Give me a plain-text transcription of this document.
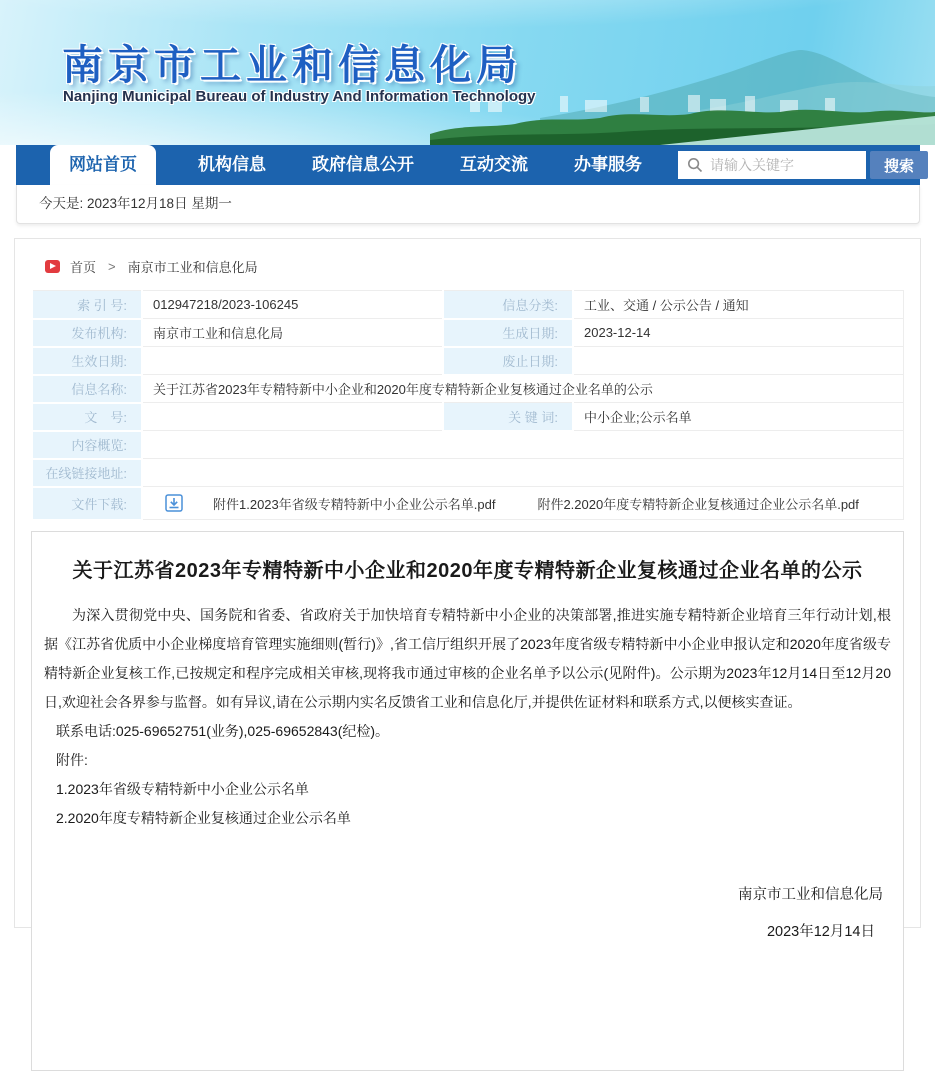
南京市工业和信息化局
Nanjing Municipal Bureau of Industry And Information Technology
网站首页	机构信息	政府信息公开	互动交流	办事服务
请输入关键字	搜索
今天是: 2023年12月18日 星期一
首页 > 南京市工业和信息化局
索 引 号:	012947218/2023-106245	信息分类:	工业、交通 / 公示公告 / 通知
发布机构:	南京市工业和信息化局	生成日期:	2023-12-14
生效日期:		废止日期:	
信息名称:	关于江苏省2023年专精特新中小企业和2020年度专精特新企业复核通过企业名单的公示		
文　号:		关 键 词:	中小企业;公示名单
内容概览:			
在线链接地址:			
文件下载:	附件1.2023年省级专精特新中小企业公示名单.pdf 附件2.2020年度专精特新企业复核通过企业公示名单.pdf		
关于江苏省2023年专精特新中小企业和2020年度专精特新企业复核通过企业名单的公示

为深入贯彻党中央、国务院和省委、省政府关于加快培育专精特新中小企业的决策部署,推进实施专精特新企业培育三年行动计划,根据《江苏省优质中小企业梯度培育管理实施细则(暂行)》,省工信厅组织开展了2023年度省级专精特新中小企业申报认定和2020年度省级专精特新企业复核工作,已按规定和程序完成相关审核,现将我市通过审核的企业名单予以公示(见附件)。公示期为2023年12月14日至12月20日,欢迎社会各界参与监督。如有异议,请在公示期内实名反馈省工业和信息化厅,并提供佐证材料和联系方式,以便核实查证。

联系电话:025-69652751(业务),025-69652843(纪检)。

附件:

1.2023年省级专精特新中小企业公示名单

2.2020年度专精特新企业复核通过企业公示名单

南京市工业和信息化局
2023年12月14日
